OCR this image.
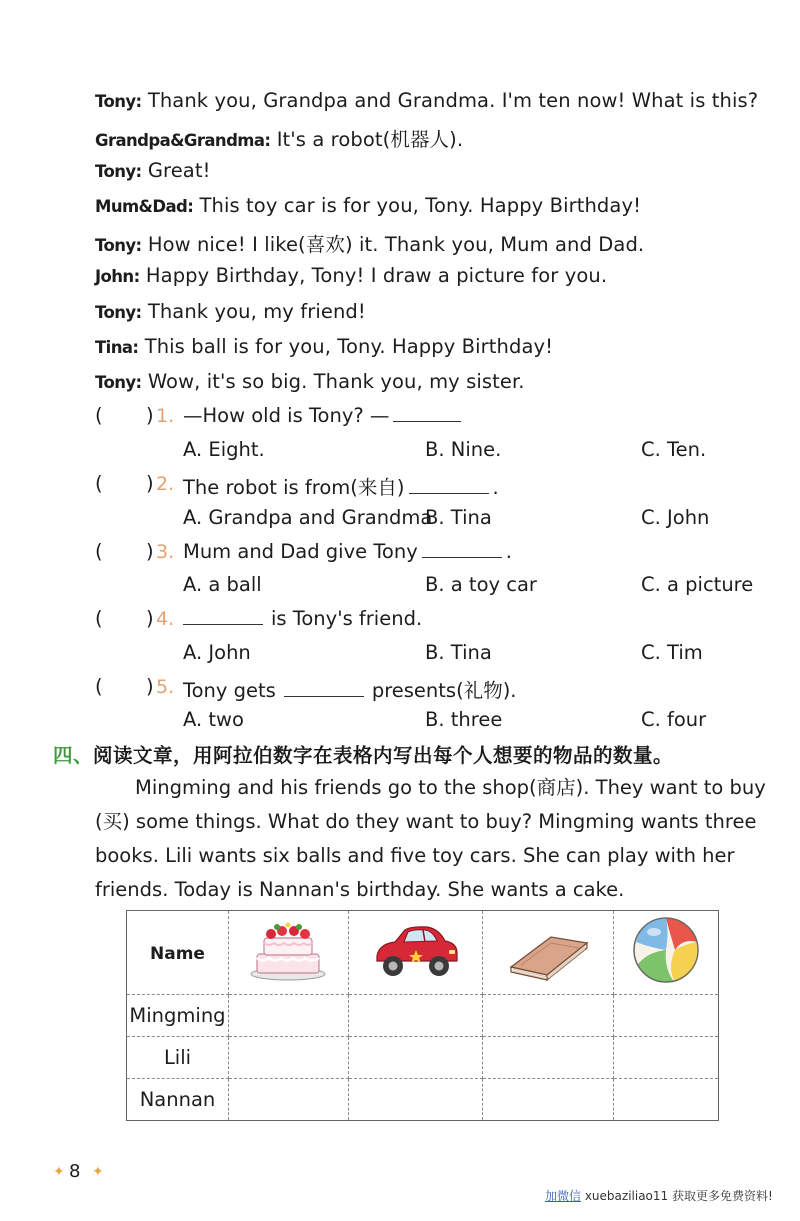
Tony: Thank you, Grandpa and Grandma. I'm ten now! What is this?
Grandpa&Grandma: It's a robot(机器人).
Tony: Great!
Mum&Dad: This toy car is for you, Tony. Happy Birthday!
Tony: How nice! I like(喜欢) it. Thank you, Mum and Dad.
John: Happy Birthday, Tony! I draw a picture for you.
Tony: Thank you, my friend!
Tina: This ball is for you, Tony. Happy Birthday!
Tony: Wow, it's so big. Thank you, my sister.
( ) 1. —How old is Tony? —
A. Eight.	B. Nine.	C. Ten.
( ) 2. The robot is from(来自)	.
A. Grandpa and Grandma
B. Tina	C. John
( ) 3. Mum and Dad give Tony	.
A. a ball	B. a toy car	C. a picture
( ) 4.	is Tony's friend.
A. John	B. Tina	C. Tim
( ) 5. Tony gets	presents(礼物).
A. two	B. three	C. four
四、阅读文章，用阿拉伯数字在表格内写出每个人想要的物品的数量。
Mingming and his friends go to the shop(商店). They want to buy
(买) some things. What do they want to buy? Mingming wants three
books. Lili wants six balls and five toy cars. She can play with her
friends. Today is Nannan's birthday. She wants a cake.
Name				
Mingming				
Lili				
Nannan				
✦ 8 ✦
加微信 xuebaziliao11 获取更多免费资料!
